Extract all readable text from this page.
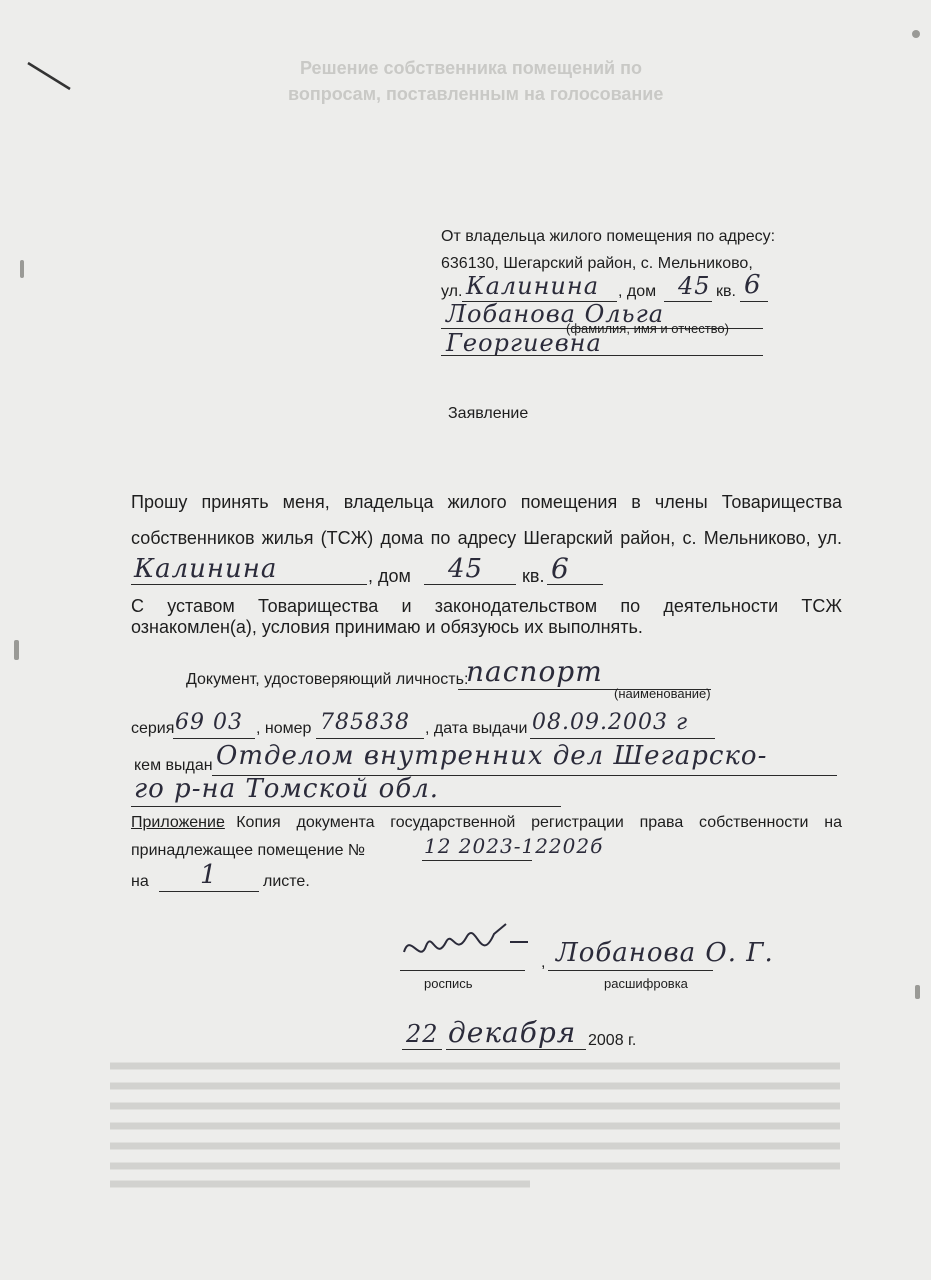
Решение собственника помещений по
вопросам, поставленным на голосование
От владельца жилого помещения по адресу:
636130, Шегарский район, с. Мельниково,
ул. Калинина , дом 45 кв. 6
Лобанова Ольга
(фамилия, имя и отчество)
Георгиевна
Заявление
Прошу принять меня, владельца жилого помещения в члены Товарищества
собственников жилья (ТСЖ) дома по адресу Шегарский район, с. Мельниково, ул.
Калинина	, дом 45 кв. 6
С уставом Товарищества и законодательством по деятельности ТСЖ
ознакомлен(а), условия принимаю и обязуюсь их выполнять.
Документ, удостоверяющий личность:
паспорт
(наименование)
серия 69 03 , номер 785838 , дата выдачи 08.09.2003 г
кем выдан Отделом внутренних дел Шегарско-
го р-на Томской обл.
Приложение
: Копия документа государственной регистрации права собственности на
принадлежащее помещение №	12 2023-12202б
на 1	листе.
роспись
, Лобанова О. Г.
расшифровка
22 декабря 2008 г.
